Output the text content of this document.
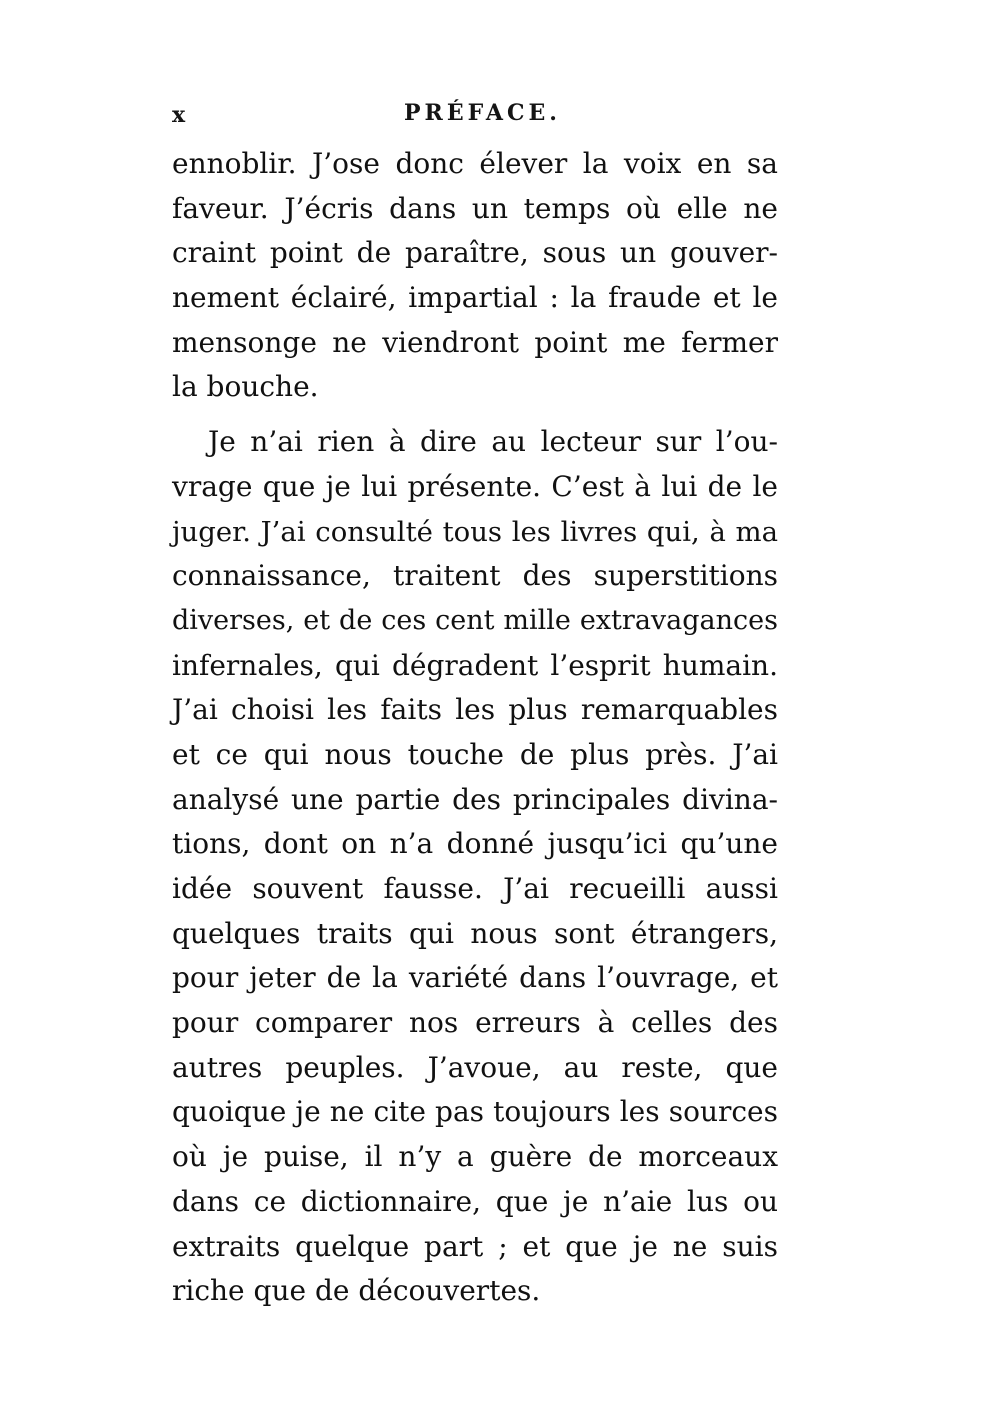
x	PRÉFACE.
ennoblir. J’ose donc élever la voix en sa
faveur. J’écris dans un temps où elle ne
craint point de paraître, sous un gouver-
nement éclairé, impartial : la fraude et le
mensonge ne viendront point me fermer
la bouche.
Je n’ai rien à dire au lecteur sur l’ou-
vrage que je lui présente. C’est à lui de le
juger. J’ai consulté tous les livres qui, à ma
connaissance, traitent des superstitions
diverses, et de ces cent mille extravagances
infernales, qui dégradent l’esprit humain.
J’ai choisi les faits les plus remarquables
et ce qui nous touche de plus près. J’ai
analysé une partie des principales divina-
tions, dont on n’a donné jusqu’ici qu’une
idée souvent fausse. J’ai recueilli aussi
quelques traits qui nous sont étrangers,
pour jeter de la variété dans l’ouvrage, et
pour comparer nos erreurs à celles des
autres peuples. J’avoue, au reste, que
quoique je ne cite pas toujours les sources
où je puise, il n’y a guère de morceaux
dans ce dictionnaire, que je n’aie lus ou
extraits quelque part ; et que je ne suis
riche que de découvertes.
